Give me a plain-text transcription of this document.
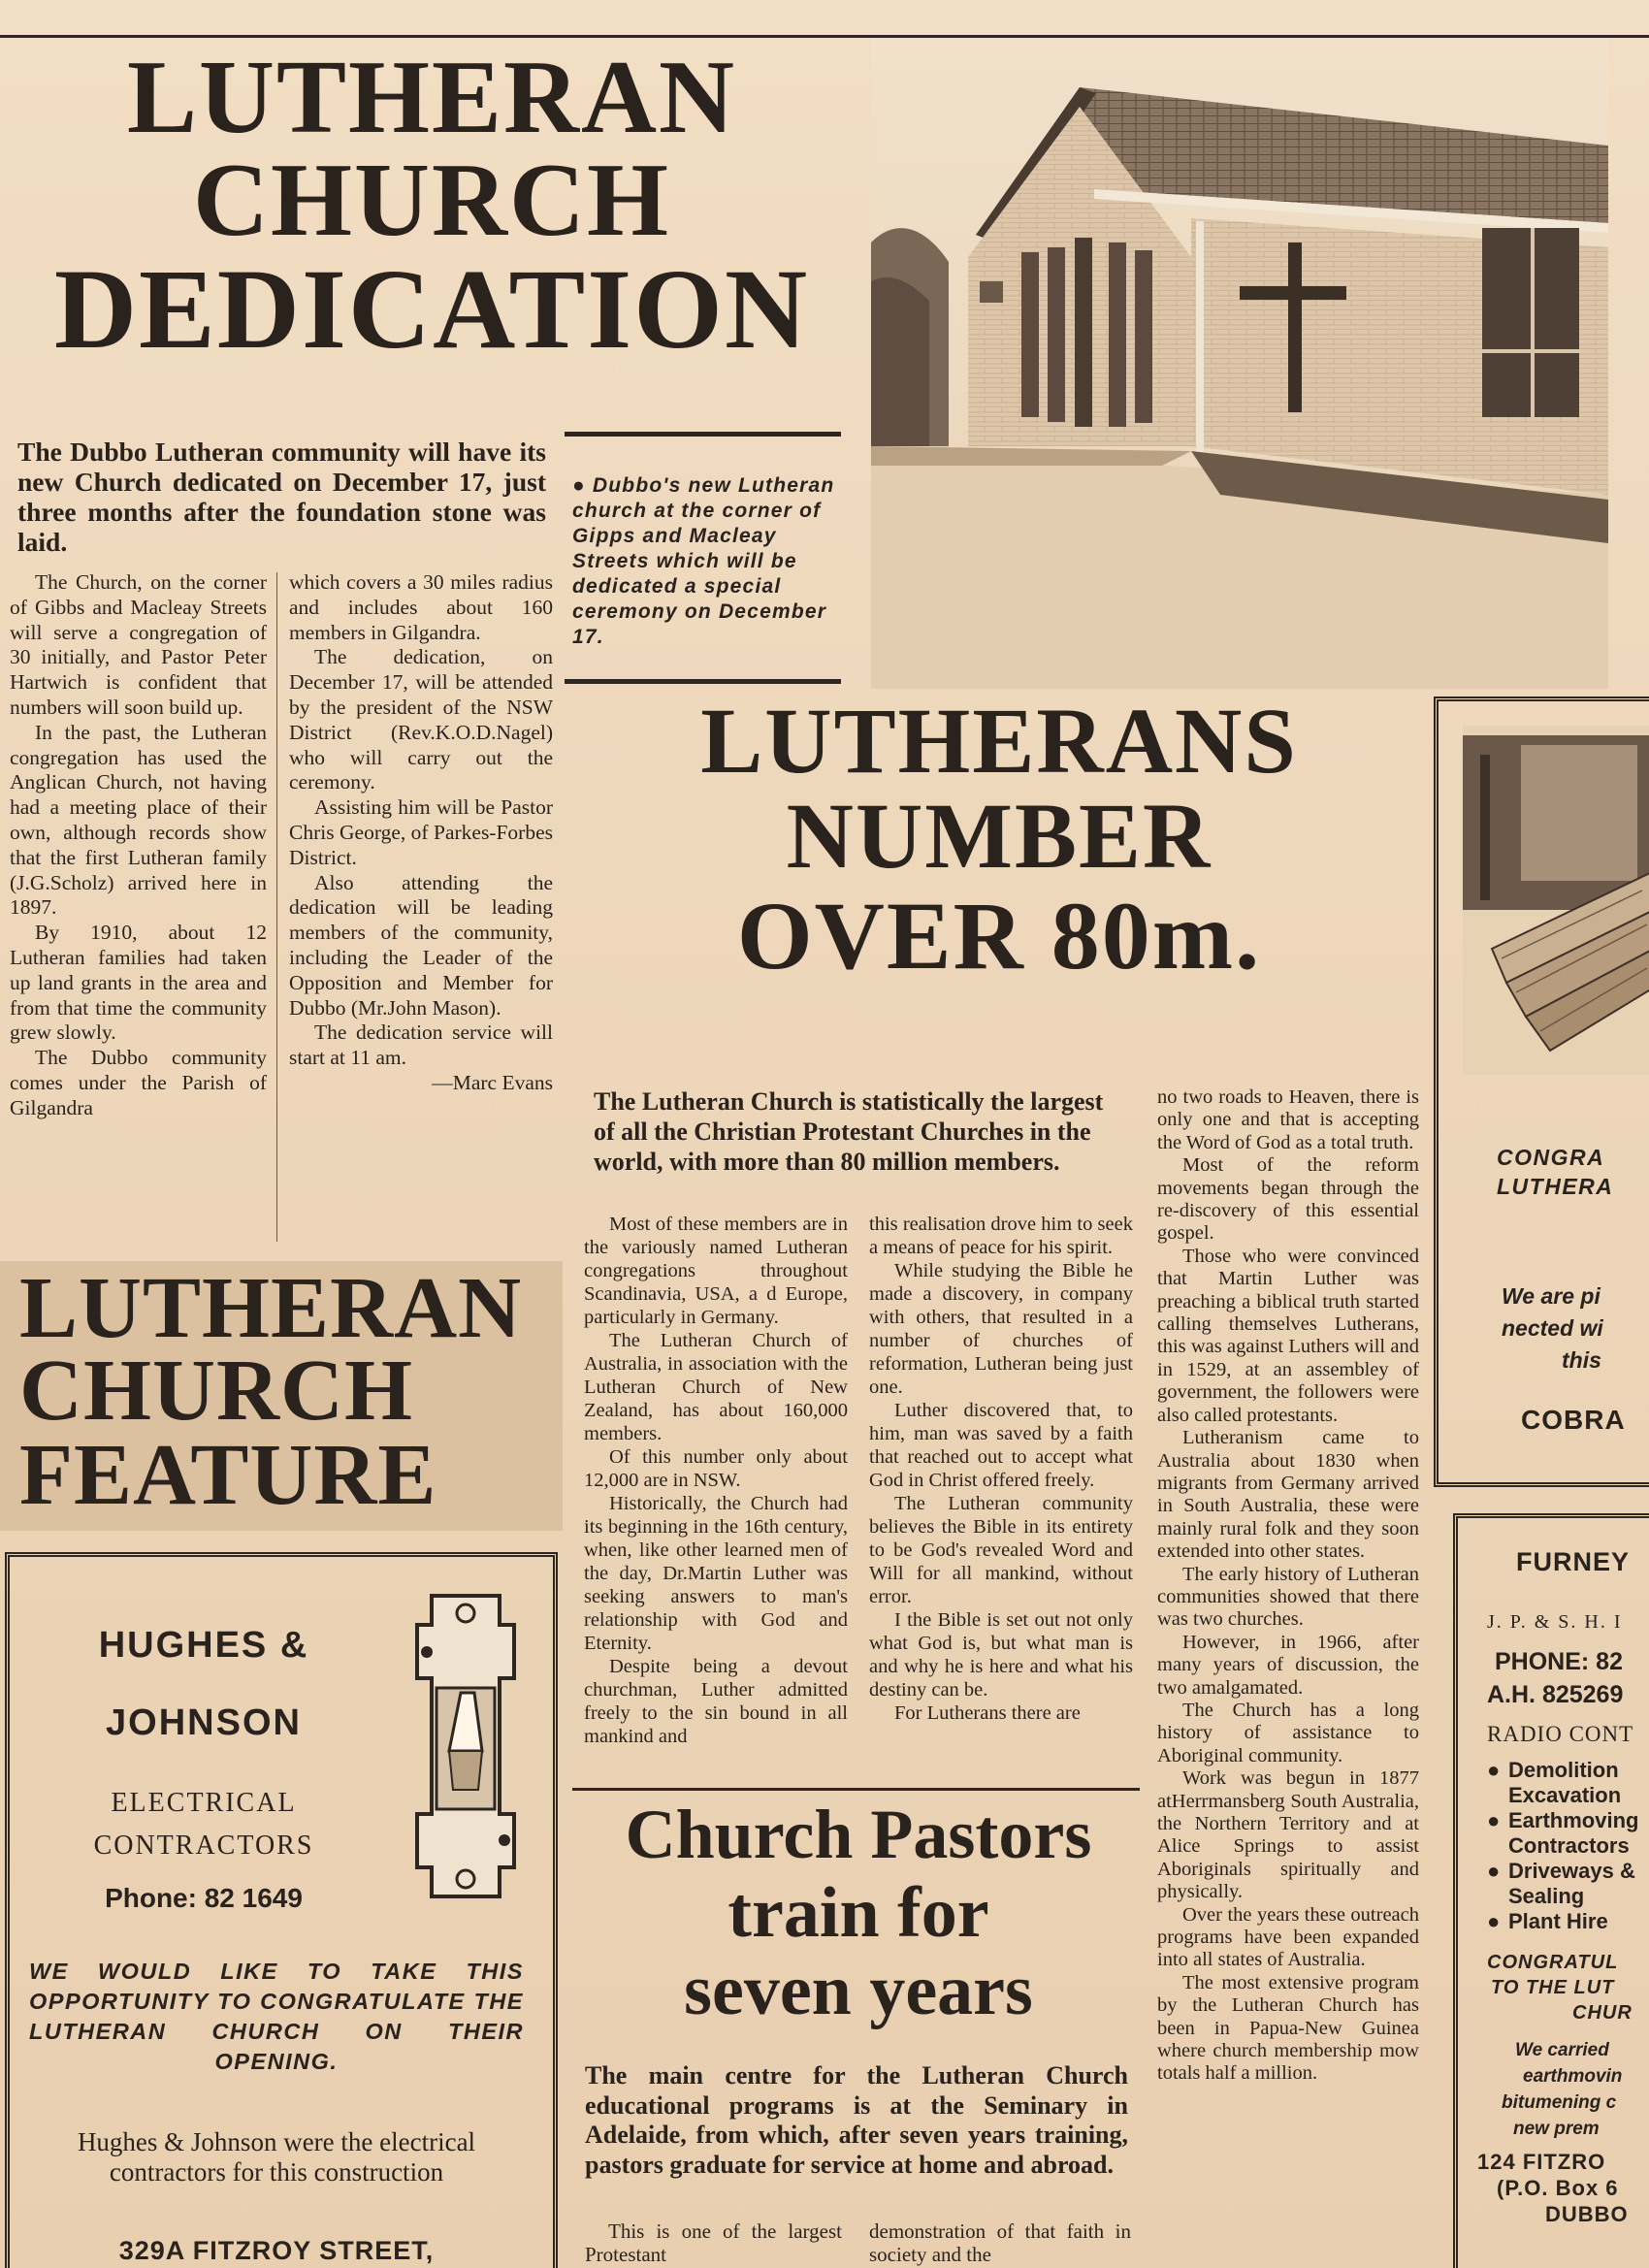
LUTHERAN
CHURCH
DEDICATION
The Dubbo Lutheran community will have its new Church dedicated on December 17, just three months after the foundation stone was laid.

The Church, on the corner of Gibbs and Macleay Streets will serve a congregation of 30 initially, and Pastor Peter Hartwich is confident that numbers will soon build up.

In the past, the Lutheran congregation has used the Anglican Church, not having had a meeting place of their own, although records show that the first Lutheran family (J.G.Scholz) arrived here in 1897.

By 1910, about 12 Lutheran families had taken up land grants in the area and from that time the community grew slowly.

The Dubbo community comes under the Parish of Gilgandra

which covers a 30 miles radius and includes about 160 members in Gilgandra.

The dedication, on December 17, will be attended by the president of the NSW District (Rev.K.O.D.Nagel) who will carry out the ceremony.

Assisting him will be Pastor Chris George, of Parkes-Forbes District.

Also attending the dedication will be leading members of the community, including the Leader of the Opposition and Member for Dubbo (Mr.John Mason).

The dedication service will start at 11 am.

—Marc Evans
● Dubbo's new Lutheran church at the corner of Gipps and Macleay Streets which will be dedicated a special ceremony on December 17.
LUTHERANS
NUMBER
OVER 80m.
The Lutheran Church is statistically the largest of all the Christian Protestant Churches in the world, with more than 80 million members.

Most of these members are in the variously named Lutheran congregations throughout Scandinavia, USA, a d Europe, particularly in Germany.

The Lutheran Church of Australia, in association with the Lutheran Church of New Zealand, has about 160,000 members.

Of this number only about 12,000 are in NSW.

Historically, the Church had its beginning in the 16th century, when, like other learned men of the day, Dr.Martin Luther was seeking answers to man's relationship with God and Eternity.

Despite being a devout churchman, Luther admitted freely to the sin bound in all mankind and

this realisation drove him to seek a means of peace for his spirit.

While studying the Bible he made a discovery, in company with others, that resulted in a number of churches of reformation, Lutheran being just one.

Luther discovered that, to him, man was saved by a faith that reached out to accept what God in Christ offered freely.

The Lutheran community believes the Bible in its entirety to be God's revealed Word and Will for all mankind, without error.

I the Bible is set out not only what God is, but what man is and why he is here and what his destiny can be.

For Lutherans there are

no two roads to Heaven, there is only one and that is accepting the Word of God as a total truth.

Most of the reform movements began through the re-discovery of this essential gospel.

Those who were convinced that Martin Luther was preaching a biblical truth started calling themselves Lutherans, this was against Luthers will and in 1529, at an assembley of government, the followers were also called protestants.

Lutheranism came to Australia about 1830 when migrants from Germany arrived in South Australia, these were mainly rural folk and they soon extended into other states.

The early history of Lutheran communities showed that there was two churches.

However, in 1966, after many years of discussion, the two amalgamated.

The Church has a long history of assistance to Aboriginal community.

Work was begun in 1877 atHerrmansberg South Australia, the Northern Territory and at Alice Springs to assist Aboriginals spiritually and physically.

Over the years these outreach programs have been expanded into all states of Australia.

The most extensive program by the Lutheran Church has been in Papua-New Guinea where church membership mow totals half a million.

Church Pastors
train for
seven years
The main centre for the Lutheran Church educational programs is at the Seminary in Adelaide, from which, after seven years training, pastors graduate for service at home and abroad.
This is one of the largest Protestant
demonstration of that faith in society and the
LUTHERAN
CHURCH
FEATURE
HUGHES &
JOHNSON
ELECTRICAL
CONTRACTORS
Phone: 82 1649
WE WOULD LIKE TO TAKE THIS OPPORTUNITY TO CONGRATULATE THE LUTHERAN CHURCH ON THEIR OPENING.
Hughes & Johnson were the electrical contractors for this construction
329A FITZROY STREET,
CONGRA
LUTHERA
We are pi
nected wi
this
COBRA
FURNEY
J. P. & S. H. I
PHONE: 82
A.H. 825269
RADIO CONT
● Demolition Excavation
● Earthmoving Contractors
● Driveways & Sealing
● Plant Hire
CONGRATUL
TO THE LUT
CHUR
We carried
earthmovin
bitumening c
new prem
124 FITZRO
(P.O. Box 6
DUBBO
